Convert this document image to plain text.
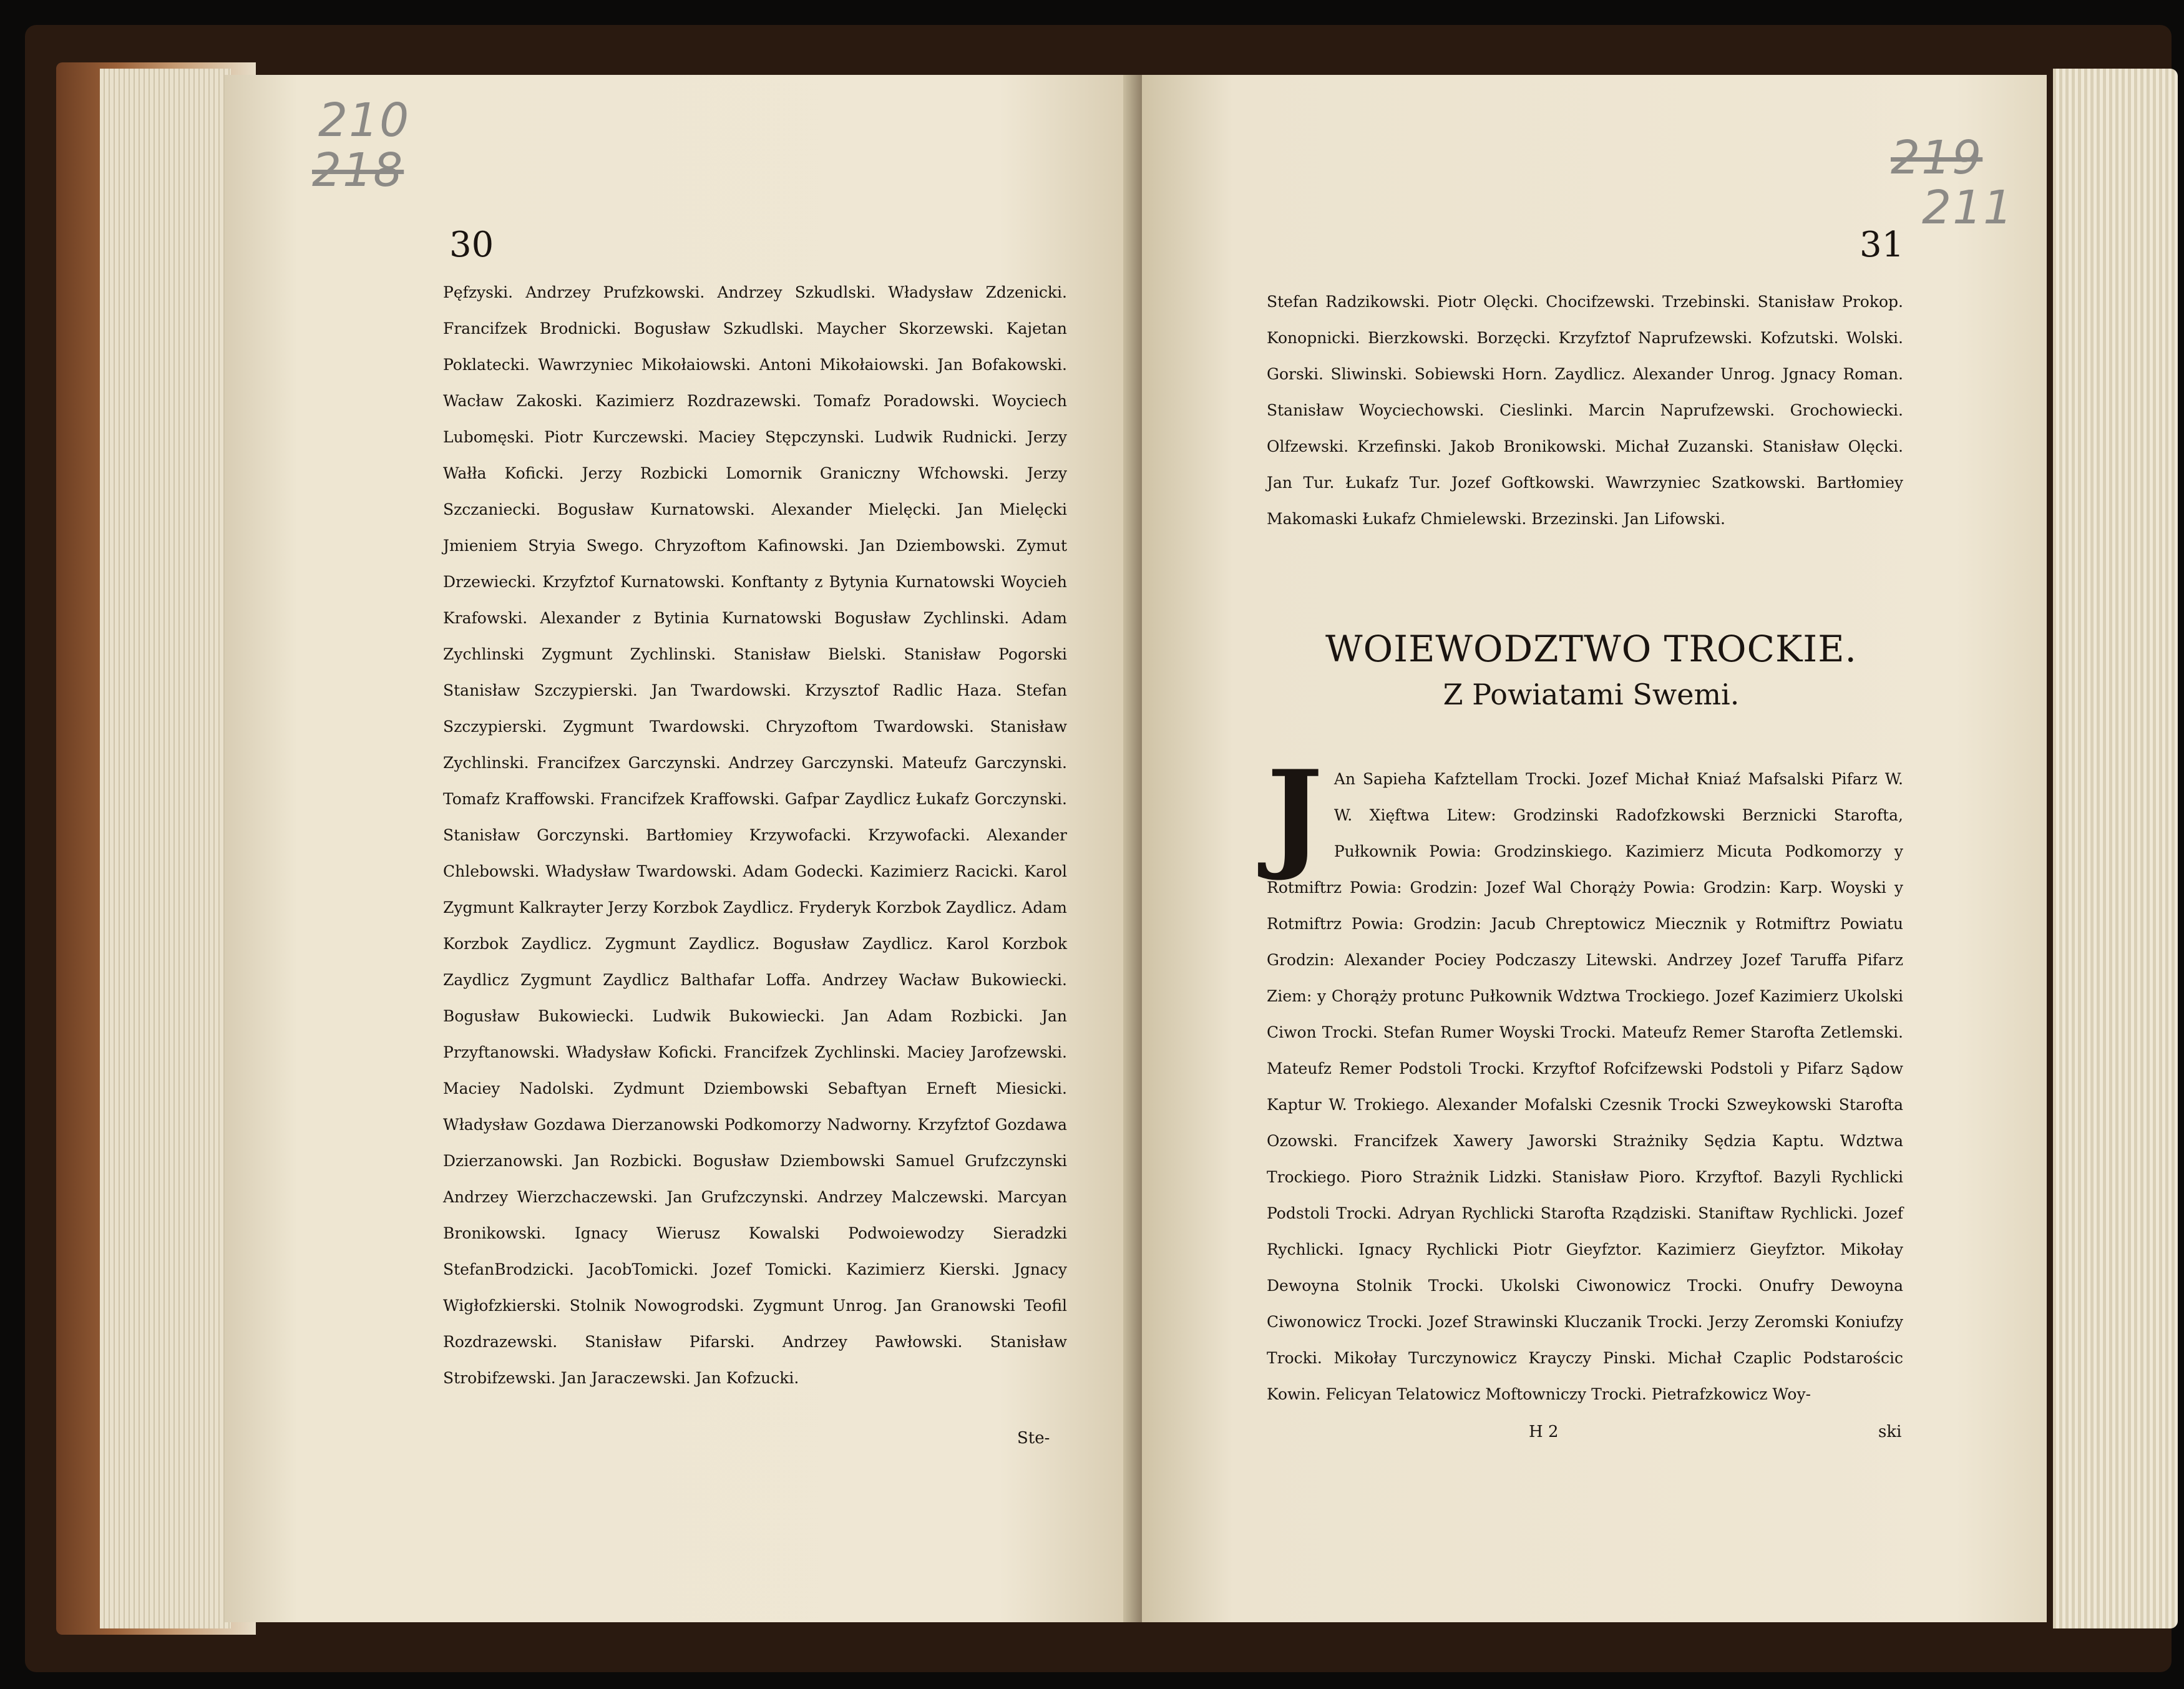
210
218
30

Pęfzyski. Andrzey Prufzkowski. Andrzey Szkudlski. Władysław Zdzenicki. Francifzek Brodnicki. Bogusław Szkudlski. Maycher Skorzewski. Kajetan Poklatecki. Wawrzyniec Mikołaiowski. Antoni Mikołaiowski. Jan Bofakowski. Wacław Zakoski. Kazimierz Rozdrazewski. Tomafz Poradowski. Woyciech Lubomęski. Piotr Kurczewski. Maciey Stępczynski. Ludwik Rudnicki. Jerzy Wałła Koficki. Jerzy Rozbicki Lomornik Graniczny Wfchowski. Jerzy Szczaniecki. Bogusław Kurnatowski. Alexander Mielęcki. Jan Mielęcki Jmieniem Stryia Swego. Chryzoftom Kafinowski. Jan Dziembowski. Zymut Drzewiecki. Krzyfztof Kurnatowski. Konftanty z Bytynia Kurnatowski Woycieh Krafowski. Alexander z Bytinia Kurnatowski Bogusław Zychlinski. Adam Zychlinski Zygmunt Zychlinski. Stanisław Bielski. Stanisław Pogorski Stanisław Szczypierski. Jan Twardowski. Krzysztof Radlic Haza. Stefan Szczypierski. Zygmunt Twardowski. Chryzoftom Twardowski. Stanisław Zychlinski. Francifzex Garczynski. Andrzey Garczynski. Mateufz Garczynski. Tomafz Kraffowski. Francifzek Kraffowski. Gafpar Zaydlicz Łukafz Gorczynski. Stanisław Gorczynski. Bartłomiey Krzywofacki. Krzywofacki. Alexander Chlebowski. Władysław Twardowski. Adam Godecki. Kazimierz Racicki. Karol Zygmunt Kalkrayter Jerzy Korzbok Zaydlicz. Fryderyk Korzbok Zaydlicz. Adam Korzbok Zaydlicz. Zygmunt Zaydlicz. Bogusław Zaydlicz. Karol Korzbok Zaydlicz Zygmunt Zaydlicz Balthafar Loffa. Andrzey Wacław Bukowiecki. Bogusław Bukowiecki. Ludwik Bukowiecki. Jan Adam Rozbicki. Jan Przyftanowski. Władysław Koficki. Francifzek Zychlinski. Maciey Jarofzewski. Maciey Nadolski. Zydmunt Dziembowski Sebaftyan Erneft Miesicki. Władysław Gozdawa Dierzanowski Podkomorzy Nadworny. Krzyfztof Gozdawa Dzierzanowski. Jan Rozbicki. Bogusław Dziembowski Samuel Grufzczynski Andrzey Wierzchaczewski. Jan Grufzczynski. Andrzey Malczewski. Marcyan Bronikowski. Ignacy Wierusz Kowalski Podwoiewodzy Sieradzki StefanBrodzicki. JacobTomicki. Jozef Tomicki. Kazimierz Kierski. Jgnacy Wigłofzkierski. Stolnik Nowogrodski. Zygmunt Unrog. Jan Granowski Teofil Rozdrazewski. Stanisław Pifarski. Andrzey Pawłowski. Stanisław Strobifzewski. Jan Jaraczewski. Jan Kofzucki.

Ste-
219
211
31

Stefan Radzikowski. Piotr Olęcki. Chocifzewski. Trzebinski. Stanisław Prokop. Konopnicki. Bierzkowski. Borzęcki. Krzyfztof Naprufzewski. Kofzutski. Wolski. Gorski. Sliwinski. Sobiewski Horn. Zaydlicz. Alexander Unrog. Jgnacy Roman. Stanisław Woyciechowski. Cieslinki. Marcin Naprufzewski. Grochowiecki. Olfzewski. Krzefinski. Jakob Bronikowski. Michał Zuzanski. Stanisław Olęcki. Jan Tur. Łukafz Tur. Jozef Goftkowski. Wawrzyniec Szatkowski. Bartłomiey Makomaski Łukafz Chmielewski. Brzezinski. Jan Lifowski.

WOIEWODZTWO TROCKIE.
Z Powiatami Swemi.
J An Sapieha Kafztellam Trocki. Jozef Michał Kniaź Mafsalski Pifarz W. W. Xięftwa Litew: Grodzinski Radofzkowski Berznicki Starofta, Pułkownik Powia: Grodzinskiego. Kazimierz Micuta Podkomorzy y Rotmiftrz Powia: Grodzin: Jozef Wal Chorąży Powia: Grodzin: Karp. Woyski y Rotmiftrz Powia: Grodzin: Jacub Chreptowicz Miecznik y Rotmiftrz Powiatu Grodzin: Alexander Pociey Podczaszy Litewski. Andrzey Jozef Taruffa Pifarz Ziem: y Chorąży protunc Pułkownik Wdztwa Trockiego. Jozef Kazimierz Ukolski Ciwon Trocki. Stefan Rumer Woyski Trocki. Mateufz Remer Starofta Zetlemski. Mateufz Remer Podstoli Trocki. Krzyftof Rofcifzewski Podstoli y Pifarz Sądow Kaptur W. Trokiego. Alexander Mofalski Czesnik Trocki Szweykowski Starofta Ozowski. Francifzek Xawery Jaworski Strażniky Sędzia Kaptu. Wdztwa Trockiego. Pioro Strażnik Lidzki. Stanisław Pioro. Krzyftof. Bazyli Rychlicki Podstoli Trocki. Adryan Rychlicki Starofta Rządziski. Staniftaw Rychlicki. Jozef Rychlicki. Ignacy Rychlicki Piotr Gieyfztor. Kazimierz Gieyfztor. Mikołay Dewoyna Stolnik Trocki. Ukolski Ciwonowicz Trocki. Onufry Dewoyna Ciwonowicz Trocki. Jozef Strawinski Kluczanik Trocki. Jerzy Zeromski Koniufzy Trocki. Mikołay Turczynowicz Krayczy Pinski. Michał Czaplic Podstarościc Kowin. Felicyan Telatowicz Moftowniczy Trocki. Pietrafzkowicz Woy-

H 2	ski
